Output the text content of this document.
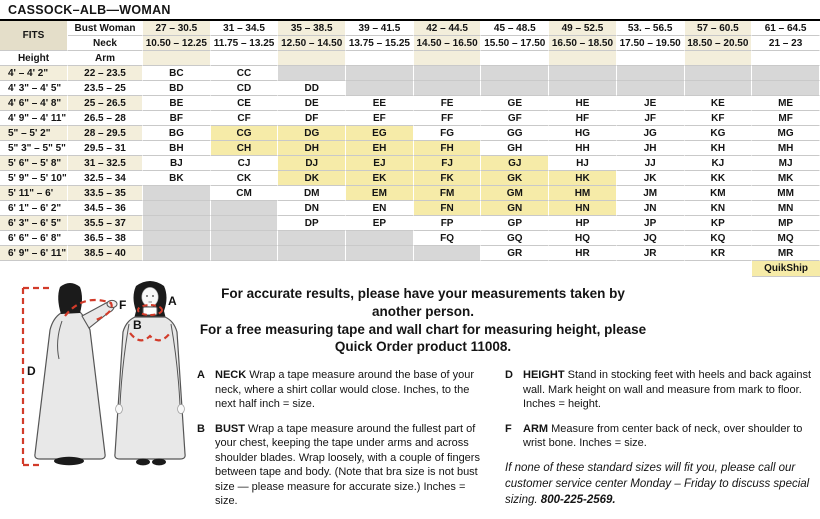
CASSOCK–ALB—WOMAN
FITS	Bust Woman	27 – 30.5	31 – 34.5	35 – 38.5	39 – 41.5	42 – 44.5	45 – 48.5	49 – 52.5	53. – 56.5	57 – 60.5	61 – 64.5
	Neck	10.50 – 12.25	11.75 – 13.25	12.50 – 14.50	13.75 – 15.25	14.50 – 16.50	15.50 – 17.50	16.50 – 18.50	17.50 – 19.50	18.50 – 20.50	21 – 23
Height	Arm										
4' – 4' 2"	22 – 23.5	BC	CC								
4' 3" – 4' 5"	23.5 – 25	BD	CD	DD							
4' 6" – 4' 8"	25 – 26.5	BE	CE	DE	EE	FE	GE	HE	JE	KE	ME
4' 9" – 4' 11"	26.5 – 28	BF	CF	DF	EF	FF	GF	HF	JF	KF	MF
5" – 5' 2"	28 – 29.5	BG	CG	DG	EG	FG	GG	HG	JG	KG	MG
5" 3" – 5" 5"	29.5 – 31	BH	CH	DH	EH	FH	GH	HH	JH	KH	MH
5' 6" – 5' 8"	31 – 32.5	BJ	CJ	DJ	EJ	FJ	GJ	HJ	JJ	KJ	MJ
5' 9" – 5' 10"	32.5 – 34	BK	CK	DK	EK	FK	GK	HK	JK	KK	MK
5' 11" – 6'	33.5 – 35		CM	DM	EM	FM	GM	HM	JM	KM	MM
6' 1" – 6' 2"	34.5 – 36			DN	EN	FN	GN	HN	JN	KN	MN
6' 3" – 6' 5"	35.5 – 37			DP	EP	FP	GP	HP	JP	KP	MP
6' 6" – 6' 8"	36.5 – 38					FQ	GQ	HQ	JQ	KQ	MQ
6' 9" – 6' 11"	38.5 – 40						GR	HR	JR	KR	MR
											QuikShip
D
F	A
B
For accurate results, please have your measurements taken by another person.
For a free measuring tape and wall chart for measuring height, please Quick Order product 11008.
A NECK Wrap a tape measure around the base of your neck, where a shirt collar would close. Inches, to the next half inch = size.
B BUST Wrap a tape measure around the fullest part of your chest, keeping the tape under arms and across shoulder blades. Wrap loosely, with a couple of fingers between tape and body. (Note that bra size is not bust size — please measure for accurate size.) Inches = size.
D HEIGHT Stand in stocking feet with heels and back against wall. Mark height on wall and measure from mark to floor. Inches = height.
F	ARM Measure from center back of neck, over shoulder to wrist bone. Inches = size.
If none of these standard sizes will fit you, please call our customer service center Monday – Friday to discuss special sizing. 800-225-2569.
